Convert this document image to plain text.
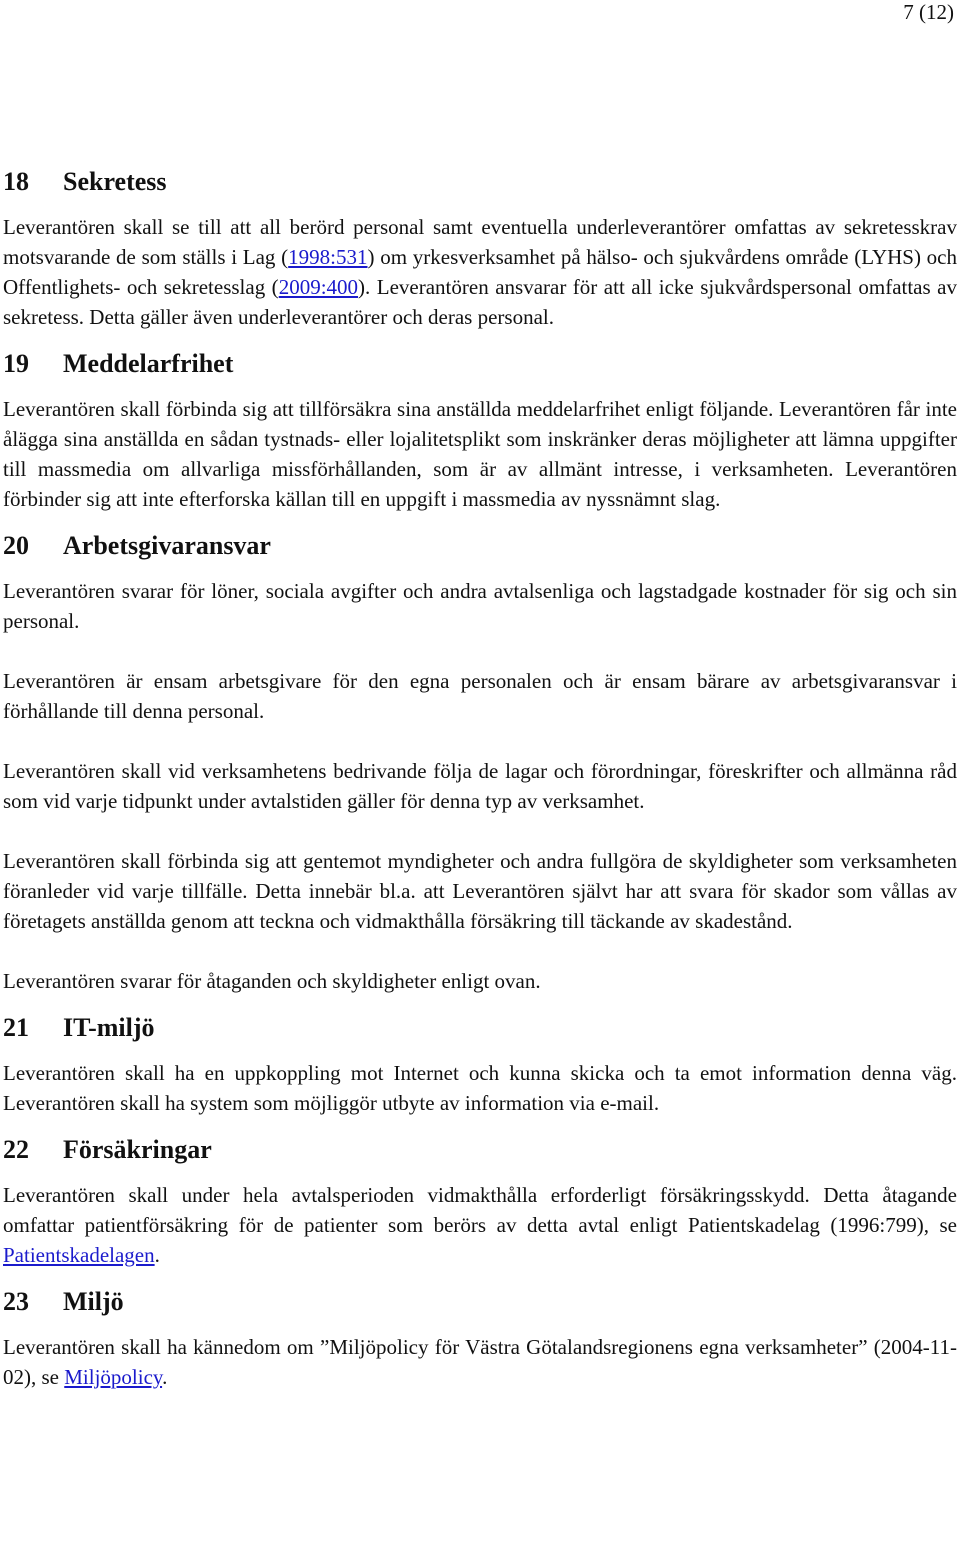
7 (12)
18	Sekretess

Leverantören skall se till att all berörd personal samt eventuella underleverantörer omfattas av sekretesskrav motsvarande de som ställs i Lag (1998:531) om yrkesverksamhet på hälso- och sjukvårdens område (LYHS) och Offentlighets- och sekretesslag (2009:400). Leverantören ansvarar för att all icke sjukvårdspersonal omfattas av sekretess. Detta gäller även underleverantörer och deras personal.

19	Meddelarfrihet

Leverantören skall förbinda sig att tillförsäkra sina anställda meddelarfrihet enligt följande. Leverantören får inte ålägga sina anställda en sådan tystnads- eller lojalitetsplikt som inskränker deras möjligheter att lämna uppgifter till massmedia om allvarliga missförhållanden, som är av allmänt intresse, i verksamheten. Leverantören förbinder sig att inte efterforska källan till en uppgift i massmedia av nyssnämnt slag.

20	Arbetsgivaransvar

Leverantören svarar för löner, sociala avgifter och andra avtalsenliga och lagstadgade kostnader för sig och sin personal.

Leverantören är ensam arbetsgivare för den egna personalen och är ensam bärare av arbetsgivaransvar i förhållande till denna personal.

Leverantören skall vid verksamhetens bedrivande följa de lagar och förordningar, föreskrifter och allmänna råd som vid varje tidpunkt under avtalstiden gäller för denna typ av verksamhet.

Leverantören skall förbinda sig att gentemot myndigheter och andra fullgöra de skyldigheter som verksamheten föranleder vid varje tillfälle. Detta innebär bl.a. att Leverantören självt har att svara för skador som vållas av företagets anställda genom att teckna och vidmakthålla försäkring till täckande av skadestånd.

Leverantören svarar för åtaganden och skyldigheter enligt ovan.

21	IT-miljö

Leverantören skall ha en uppkoppling mot Internet och kunna skicka och ta emot information denna väg. Leverantören skall ha system som möjliggör utbyte av information via e-mail.

22	Försäkringar

Leverantören skall under hela avtalsperioden vidmakthålla erforderligt försäkringsskydd. Detta åtagande omfattar patientförsäkring för de patienter som berörs av detta avtal enligt Patientskadelag (1996:799), se Patientskadelagen.

23	Miljö

Leverantören skall ha kännedom om ”Miljöpolicy för Västra Götalandsregionens egna verksamheter” (2004-11-02), se Miljöpolicy.
